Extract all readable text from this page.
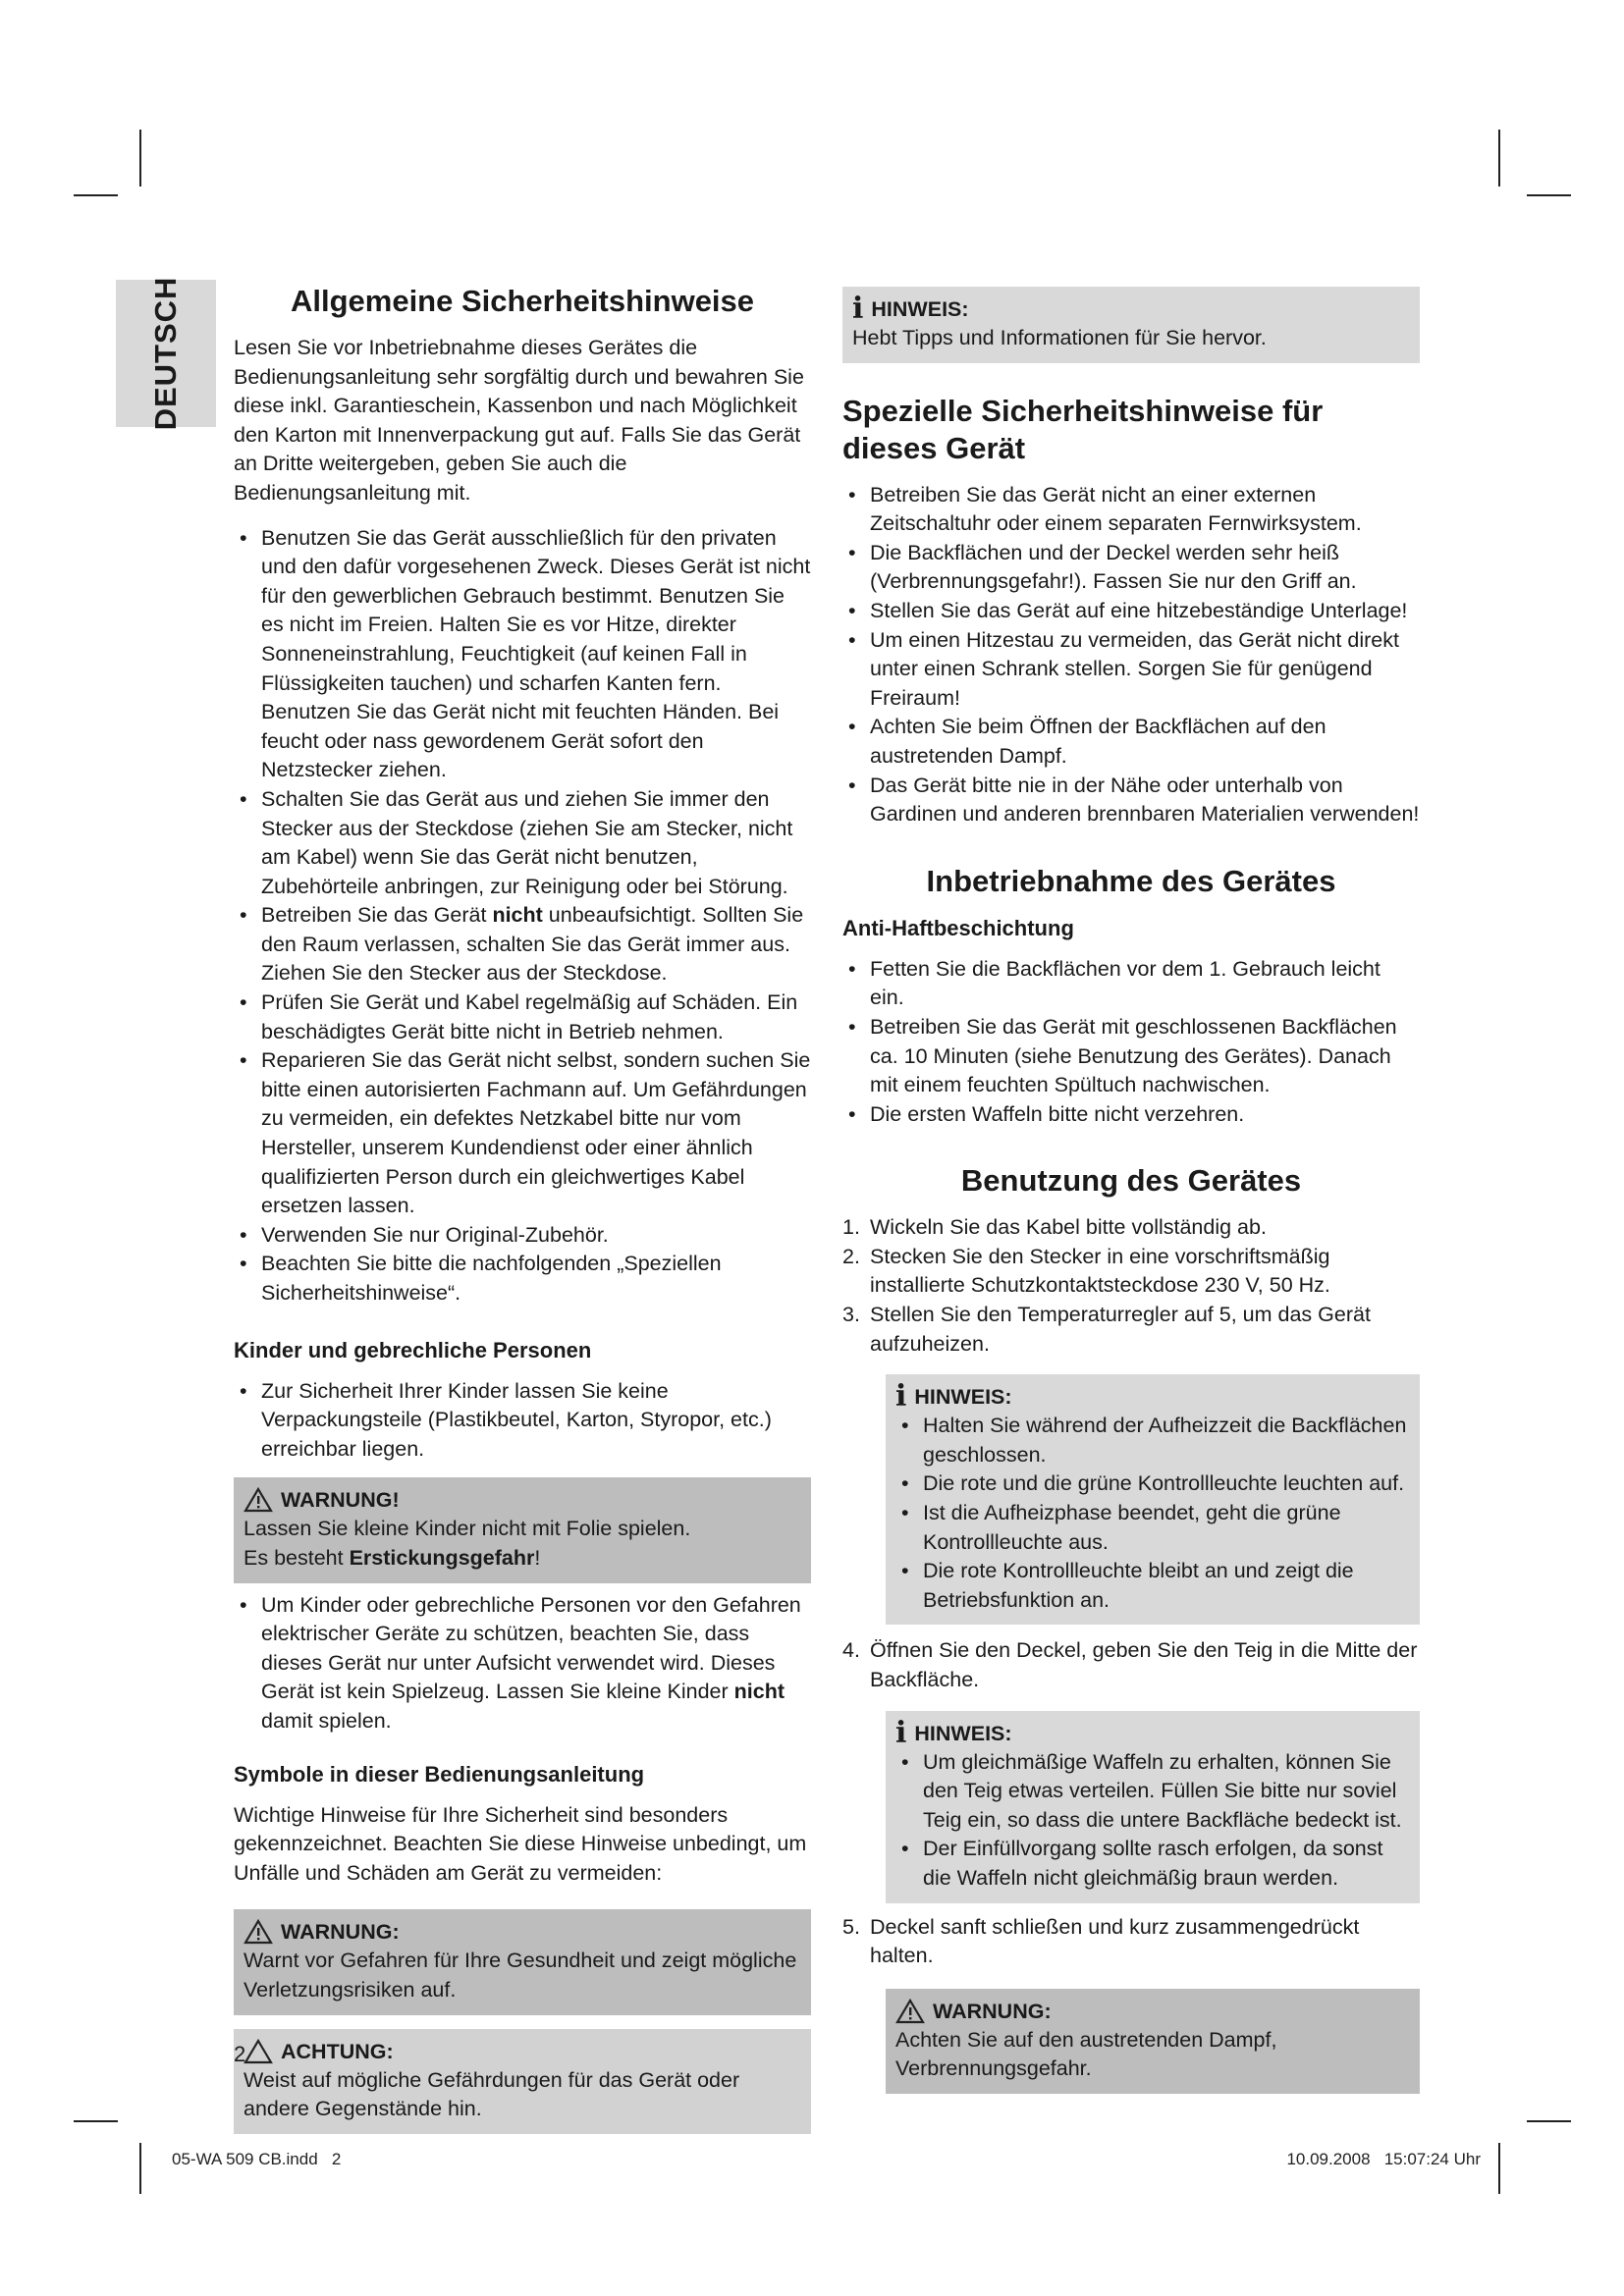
DEUTSCH	Allgemeine Sicherheitshinweise

Lesen Sie vor Inbetriebnahme dieses Gerätes die Bedienungsanleitung sehr sorgfältig durch und bewahren Sie diese inkl. Garantieschein, Kassenbon und nach Möglichkeit den Karton mit Innenverpackung gut auf. Falls Sie das Gerät an Dritte weitergeben, geben Sie auch die Bedienungsanleitung mit.

• Benutzen Sie das Gerät ausschließlich für den privaten und den dafür vorgesehenen Zweck. Dieses Gerät ist nicht für den gewerblichen Gebrauch bestimmt. Benutzen Sie es nicht im Freien. Halten Sie es vor Hitze, direkter Sonneneinstrahlung, Feuchtigkeit (auf keinen Fall in Flüssigkeiten tauchen) und scharfen Kanten fern. Benutzen Sie das Gerät nicht mit feuchten Händen. Bei feucht oder nass gewordenem Gerät sofort den Netzstecker ziehen.
• Schalten Sie das Gerät aus und ziehen Sie immer den Stecker aus der Steckdose (ziehen Sie am Stecker, nicht am Kabel) wenn Sie das Gerät nicht benutzen, Zubehörteile anbringen, zur Reinigung oder bei Störung.
• Betreiben Sie das Gerät nicht unbeaufsichtigt. Sollten Sie den Raum verlassen, schalten Sie das Gerät immer aus. Ziehen Sie den Stecker aus der Steckdose.
• Prüfen Sie Gerät und Kabel regelmäßig auf Schäden. Ein beschädigtes Gerät bitte nicht in Betrieb nehmen.
• Reparieren Sie das Gerät nicht selbst, sondern suchen Sie bitte einen autorisierten Fachmann auf. Um Gefährdungen zu vermeiden, ein defektes Netzkabel bitte nur vom Hersteller, unserem Kundendienst oder einer ähnlich qualifizierten Person durch ein gleichwertiges Kabel ersetzen lassen.
• Verwenden Sie nur Original-Zubehör.
• Beachten Sie bitte die nachfolgenden „Speziellen Sicherheitshinweise“.
Kinder und gebrechliche Personen
• Zur Sicherheit Ihrer Kinder lassen Sie keine Verpackungsteile (Plastikbeutel, Karton, Styropor, etc.) erreichbar liegen.
WARNUNG!

Lassen Sie kleine Kinder nicht mit Folie spielen.

Es besteht Erstickungsgefahr!

• Um Kinder oder gebrechliche Personen vor den Gefahren elektrischer Geräte zu schützen, beachten Sie, dass dieses Gerät nur unter Aufsicht verwendet wird. Dieses Gerät ist kein Spielzeug. Lassen Sie kleine Kinder nicht damit spielen.
Symbole in dieser Bedienungsanleitung

Wichtige Hinweise für Ihre Sicherheit sind besonders gekennzeichnet. Beachten Sie diese Hinweise unbedingt, um Unfälle und Schäden am Gerät zu vermeiden:

WARNUNG:

Warnt vor Gefahren für Ihre Gesundheit und zeigt mögliche Verletzungsrisiken auf.

ACHTUNG:

Weist auf mögliche Gefährdungen für das Gerät oder andere Gegenstände hin.

i HINWEIS:

Hebt Tipps und Informationen für Sie hervor.

Spezielle Sicherheitshinweise für dieses Gerät
• Betreiben Sie das Gerät nicht an einer externen Zeitschaltuhr oder einem separaten Fernwirksystem.
• Die Backflächen und der Deckel werden sehr heiß (Verbrennungsgefahr!). Fassen Sie nur den Griff an.
• Stellen Sie das Gerät auf eine hitzebeständige Unterlage!
• Um einen Hitzestau zu vermeiden, das Gerät nicht direkt unter einen Schrank stellen. Sorgen Sie für genügend Freiraum!
• Achten Sie beim Öffnen der Backflächen auf den austretenden Dampf.
• Das Gerät bitte nie in der Nähe oder unterhalb von Gardinen und anderen brennbaren Materialien verwenden!
Inbetriebnahme des Gerätes
Anti-Haftbeschichtung
• Fetten Sie die Backflächen vor dem 1. Gebrauch leicht ein.
• Betreiben Sie das Gerät mit geschlossenen Backflächen ca. 10 Minuten (siehe Benutzung des Gerätes). Danach mit einem feuchten Spültuch nachwischen.
• Die ersten Waffeln bitte nicht verzehren.
Benutzung des Gerätes
1. Wickeln Sie das Kabel bitte vollständig ab.
2. Stecken Sie den Stecker in eine vorschriftsmäßig installierte Schutzkontaktsteckdose 230 V, 50 Hz.
3. Stellen Sie den Temperaturregler auf 5, um das Gerät aufzuheizen.
i HINWEIS:
• Halten Sie während der Aufheizzeit die Backflächen geschlossen.
• Die rote und die grüne Kontrollleuchte leuchten auf.
• Ist die Aufheizphase beendet, geht die grüne Kontrollleuchte aus.
• Die rote Kontrollleuchte bleibt an und zeigt die Betriebsfunktion an.
4. Öffnen Sie den Deckel, geben Sie den Teig in die Mitte der Backfläche.
i HINWEIS:
• Um gleichmäßige Waffeln zu erhalten, können Sie den Teig etwas verteilen. Füllen Sie bitte nur soviel Teig ein, so dass die untere Backfläche bedeckt ist.
• Der Einfüllvorgang sollte rasch erfolgen, da sonst die Waffeln nicht gleichmäßig braun werden.
5. Deckel sanft schließen und kurz zusammengedrückt halten.
WARNUNG:

Achten Sie auf den austretenden Dampf, Verbrennungsgefahr.

2
05-WA 509 CB.indd   2	10.09.2008   15:07:24 Uhr
